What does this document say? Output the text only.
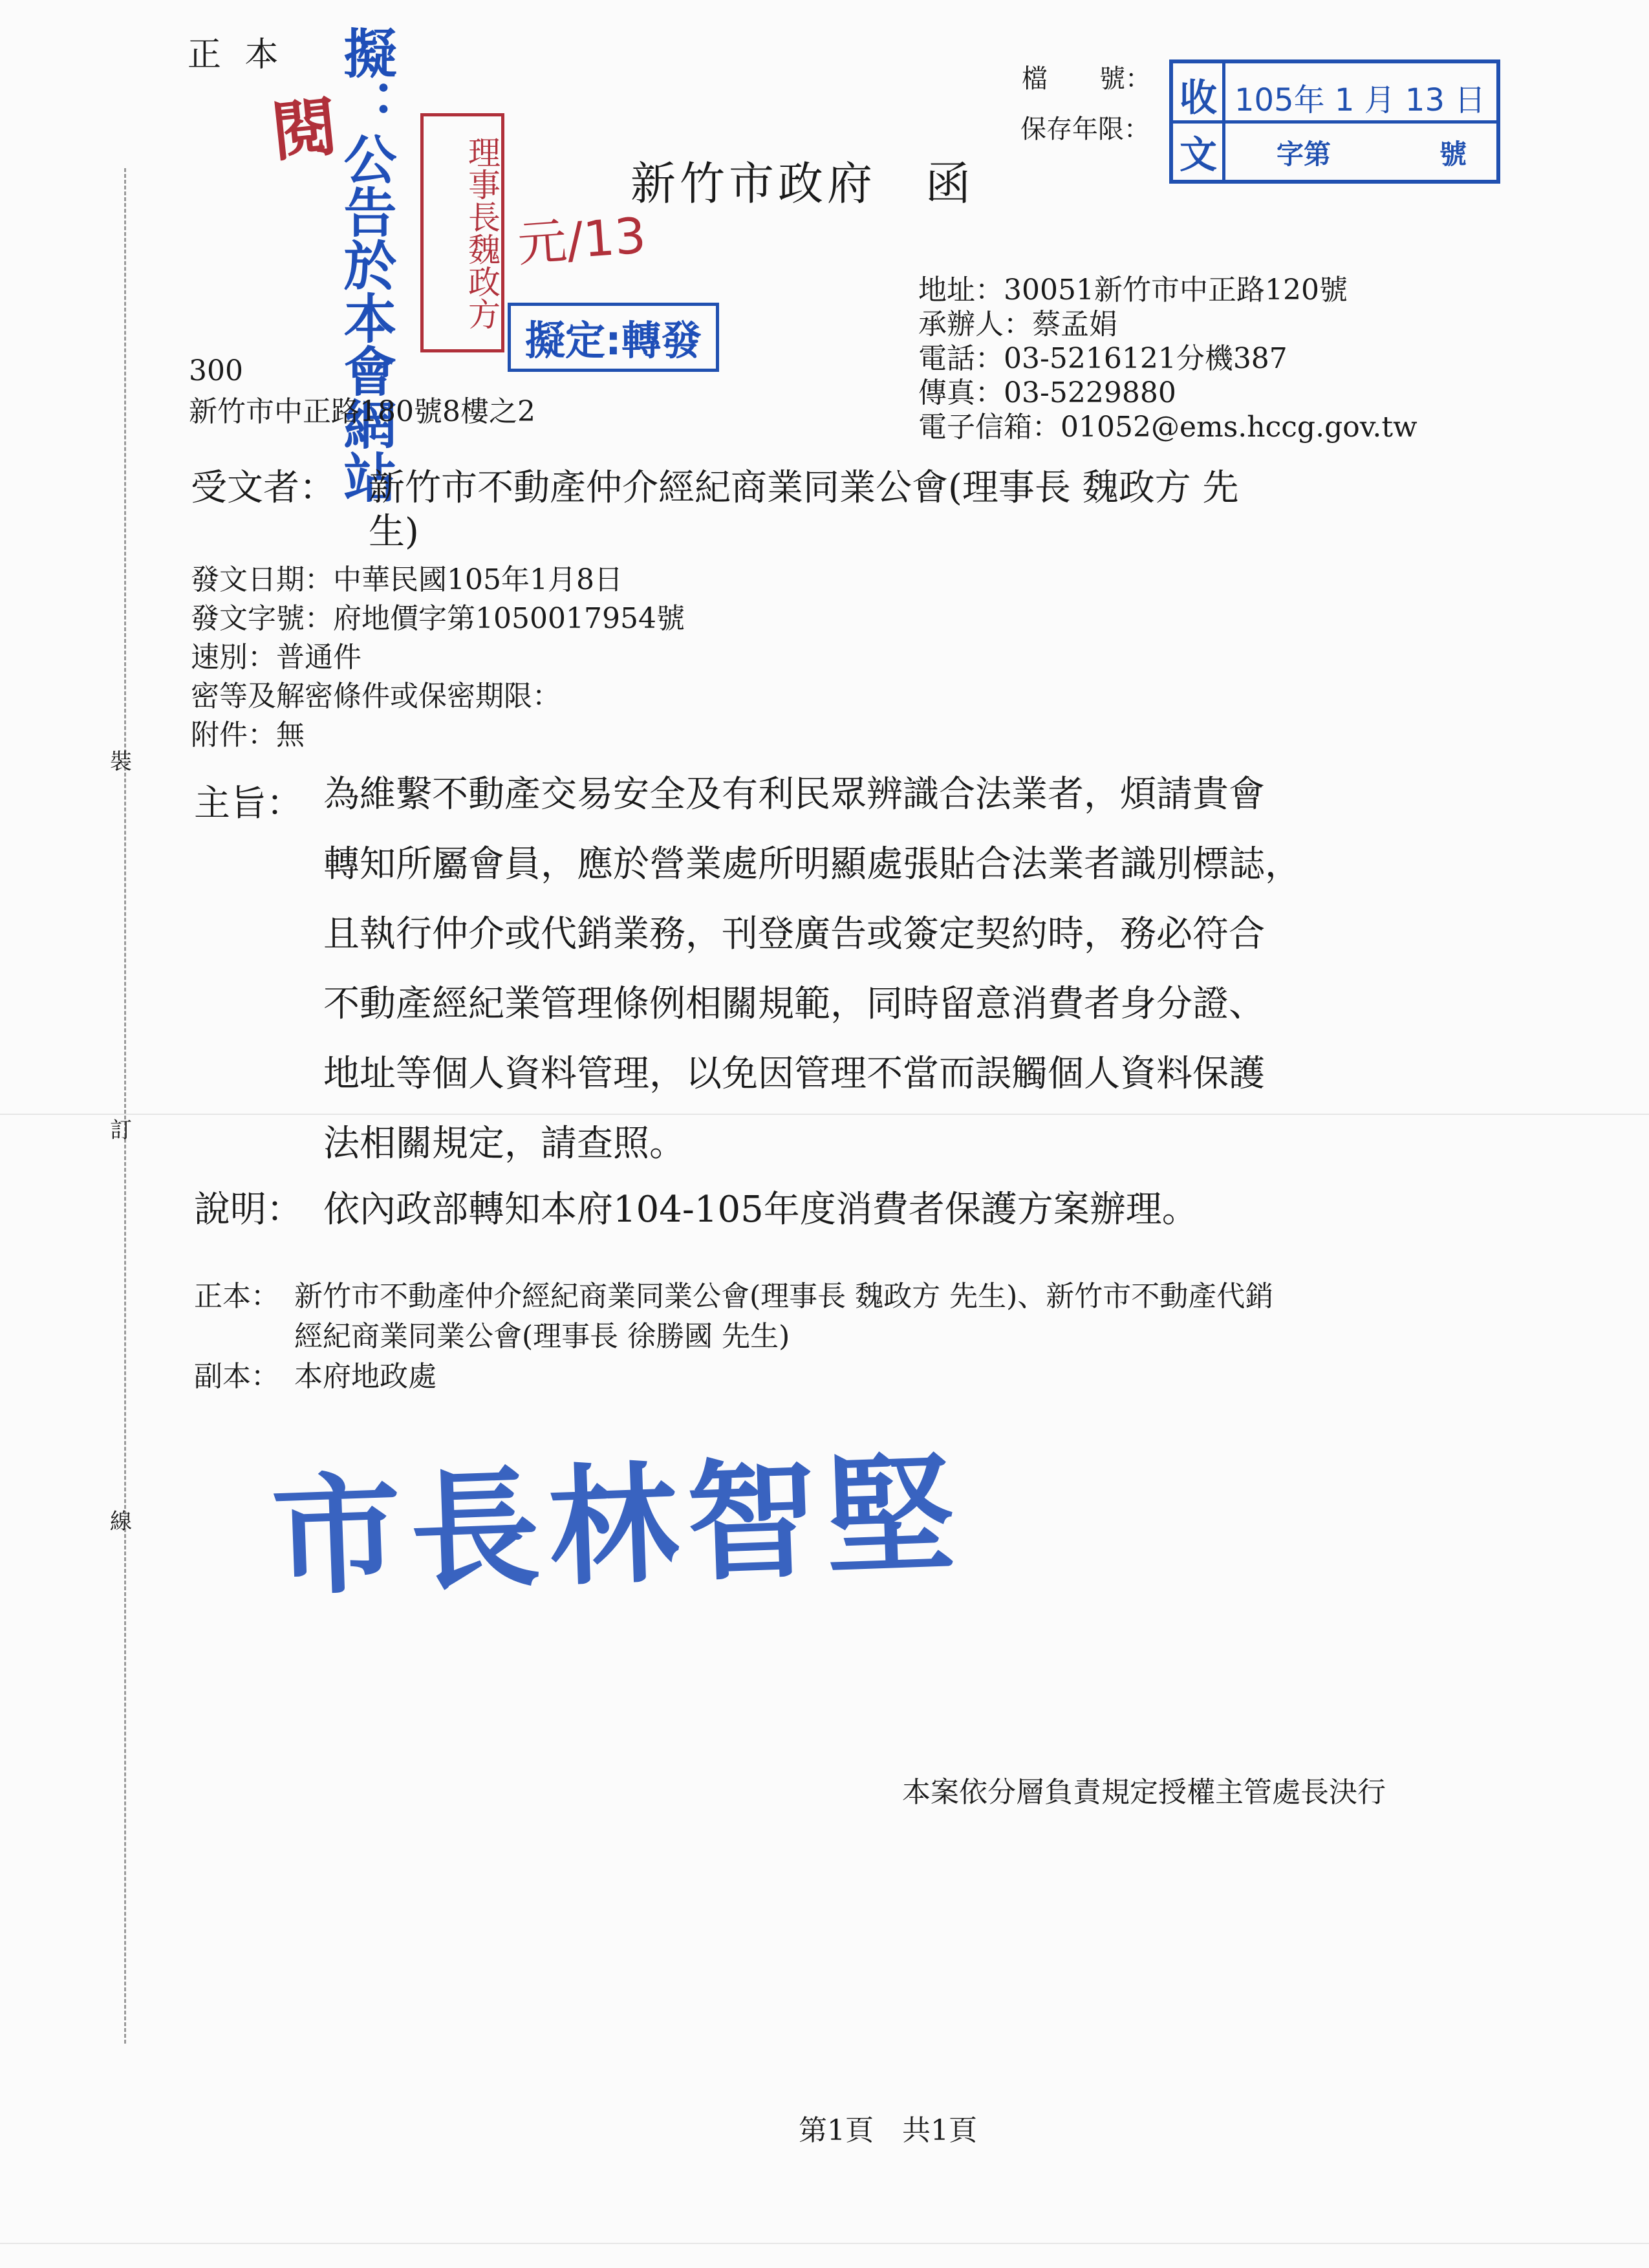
裝
訂
線
正 本
閱
擬：公告於本會網站	理事長魏政方 元/13
擬定:轉發
檔　　號：
保存年限：
收
文
105年 1 月 13 日
字第　　　　號
新竹市政府　函
地址：30051新竹市中正路120號
承辦人：蔡孟娟
電話：03-5216121分機387
傳真：03-5229880
電子信箱：01052@ems.hccg.gov.tw
300
新竹市中正路180號8樓之2
受文者： 新竹市不動產仲介經紀商業同業公會(理事長 魏政方 先
生)
發文日期：中華民國105年1月8日
發文字號：府地價字第1050017954號
速別：普通件
密等及解密條件或保密期限：
附件：無
主旨： 為維繫不動產交易安全及有利民眾辨識合法業者，煩請貴會
轉知所屬會員，應於營業處所明顯處張貼合法業者識別標誌，
且執行仲介或代銷業務，刊登廣告或簽定契約時，務必符合
不動產經紀業管理條例相關規範，同時留意消費者身分證、
地址等個人資料管理，以免因管理不當而誤觸個人資料保護
法相關規定，請查照。
說明： 依內政部轉知本府104-105年度消費者保護方案辦理。
正本： 新竹市不動產仲介經紀商業同業公會(理事長 魏政方 先生)、新竹市不動產代銷
經紀商業同業公會(理事長 徐勝國 先生)
副本： 本府地政處
市長林智堅
本案依分層負責規定授權主管處長決行
第1頁　共1頁
